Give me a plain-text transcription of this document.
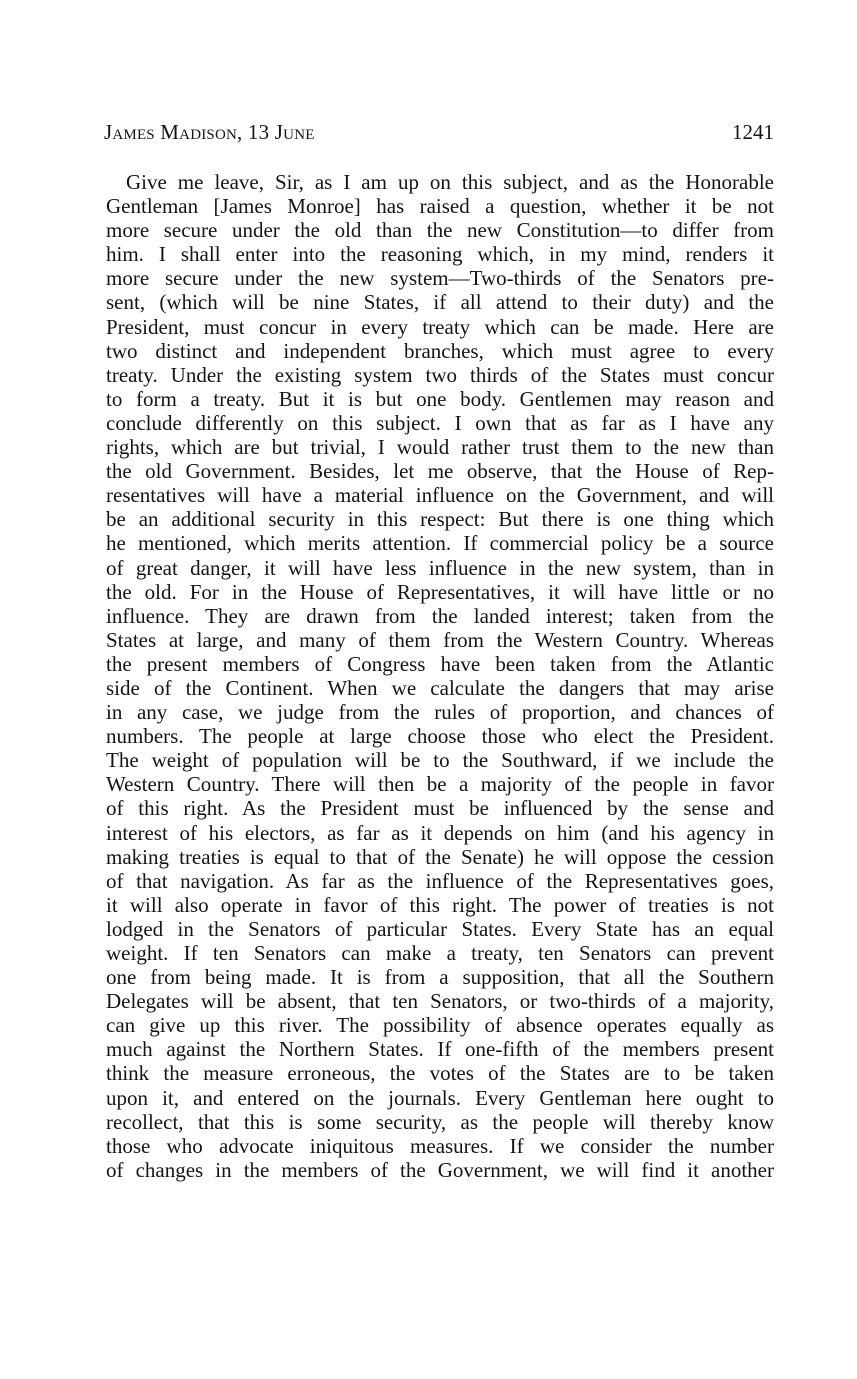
James Madison, 13 June	1241
Give me leave, Sir, as I am up on this subject, and as the Honorable
Gentleman [James Monroe] has raised a question, whether it be not
more secure under the old than the new Constitution—to differ from
him. I shall enter into the reasoning which, in my mind, renders it
more secure under the new system—Two-thirds of the Senators pre-
sent, (which will be nine States, if all attend to their duty) and the
President, must concur in every treaty which can be made. Here are
two distinct and independent branches, which must agree to every
treaty. Under the existing system two thirds of the States must concur
to form a treaty. But it is but one body. Gentlemen may reason and
conclude differently on this subject. I own that as far as I have any
rights, which are but trivial, I would rather trust them to the new than
the old Government. Besides, let me observe, that the House of Rep-
resentatives will have a material influence on the Government, and will
be an additional security in this respect: But there is one thing which
he mentioned, which merits attention. If commercial policy be a source
of great danger, it will have less influence in the new system, than in
the old. For in the House of Representatives, it will have little or no
influence. They are drawn from the landed interest; taken from the
States at large, and many of them from the Western Country. Whereas
the present members of Congress have been taken from the Atlantic
side of the Continent. When we calculate the dangers that may arise
in any case, we judge from the rules of proportion, and chances of
numbers. The people at large choose those who elect the President.
The weight of population will be to the Southward, if we include the
Western Country. There will then be a majority of the people in favor
of this right. As the President must be influenced by the sense and
interest of his electors, as far as it depends on him (and his agency in
making treaties is equal to that of the Senate) he will oppose the cession
of that navigation. As far as the influence of the Representatives goes,
it will also operate in favor of this right. The power of treaties is not
lodged in the Senators of particular States. Every State has an equal
weight. If ten Senators can make a treaty, ten Senators can prevent
one from being made. It is from a supposition, that all the Southern
Delegates will be absent, that ten Senators, or two-thirds of a majority,
can give up this river. The possibility of absence operates equally as
much against the Northern States. If one-fifth of the members present
think the measure erroneous, the votes of the States are to be taken
upon it, and entered on the journals. Every Gentleman here ought to
recollect, that this is some security, as the people will thereby know
those who advocate iniquitous measures. If we consider the number
of changes in the members of the Government, we will find it another
